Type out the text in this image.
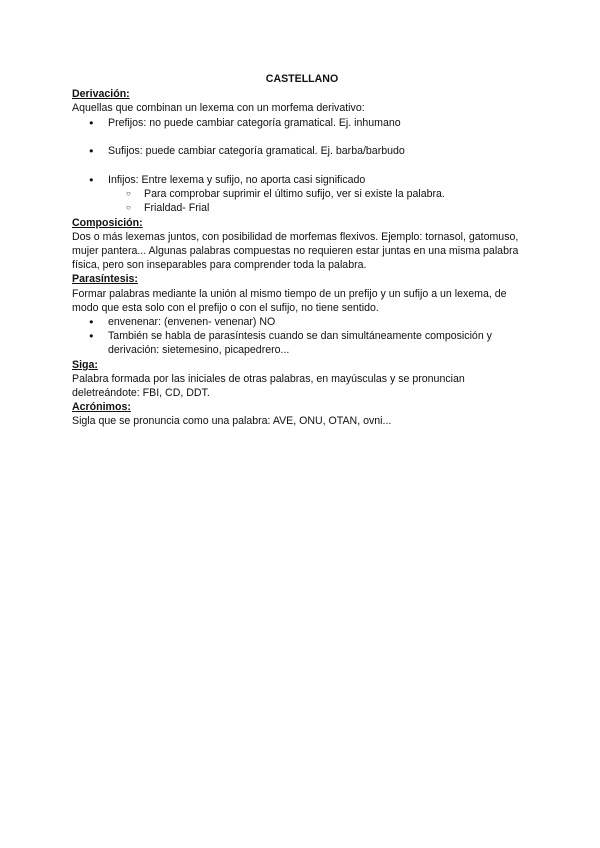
CASTELLANO
Derivación:

Aquellas que combinan un lexema con un morfema derivativo:

● Prefijos: no puede cambiar categoría gramatical. Ej. inhumano
● Sufijos: puede cambiar categoría gramatical. Ej. barba/barbudo
● Infijos: Entre lexema y sufijo, no aporta casi significado
○ Para comprobar suprimir el último sufijo, ver si existe la palabra.
○ Frialdad- Frial
Composición:

Dos o más lexemas juntos, con posibilidad de morfemas flexivos. Ejemplo: tornasol, gatomuso, mujer pantera... Algunas palabras compuestas no requieren estar juntas en una misma palabra física, pero son inseparables para comprender toda la palabra.

Parasíntesis:

Formar palabras mediante la unión al mismo tiempo de un prefijo y un sufijo a un lexema, de modo que esta solo con el prefijo o con el sufijo, no tiene sentido.

● envenenar: (envenen- venenar) NO
● También se habla de parasíntesis cuando se dan simultáneamente composición y derivación: sietemesino, picapedrero...
Siga:

Palabra formada por las iniciales de otras palabras, en mayúsculas y se pronuncian deletreándote: FBI, CD, DDT.

Acrónimos:

Sigla que se pronuncia como una palabra: AVE, ONU, OTAN, ovni...
